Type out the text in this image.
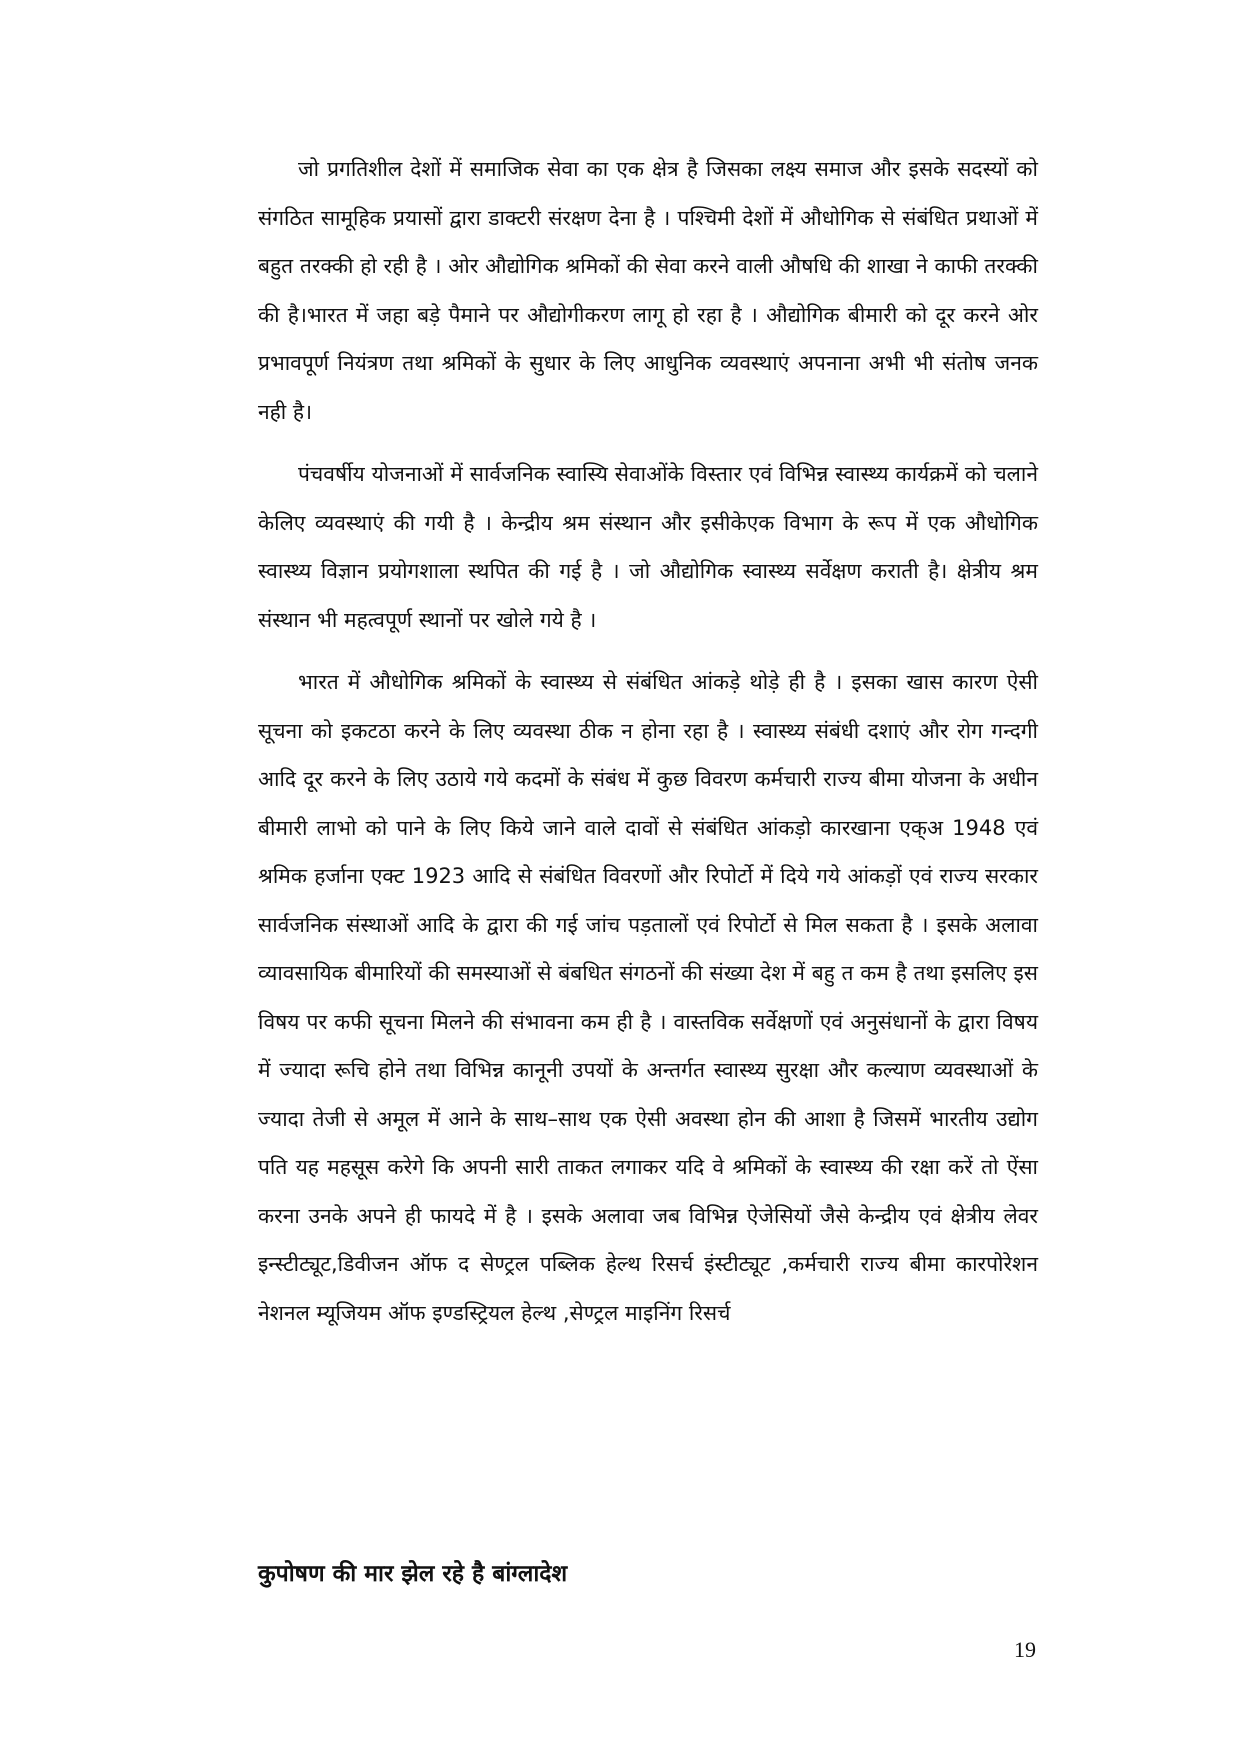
जो प्रगतिशील देशों में समाजिक सेवा का एक क्षेत्र है जिसका लक्ष्य समाज और इसके सदस्यों को संगठित सामूहिक प्रयासों द्वारा डाक्टरी संरक्षण देना है । पश्चिमी देशों में औधोगिक से संबंधित प्रथाओं में बहुत तरक्की हो रही है । ओर औद्योगिक श्रमिकों की सेवा करने वाली औषधि की शाखा ने काफी तरक्की की है।भारत में जहा बड़े पैमाने पर औद्योगीकरण लागू हो रहा है । औद्योगिक बीमारी को दूर करने ओर प्रभावपूर्ण नियंत्रण तथा श्रमिकों के सुधार के लिए आधुनिक व्यवस्थाएं अपनाना अभी भी संतोष जनक नही है।

पंचवर्षीय योजनाओं में सार्वजनिक स्वास्यि सेवाओंके विस्तार एवं विभिन्न स्वास्थ्य कार्यक्रमें को चलाने केलिए व्यवस्थाएं की गयी है । केन्द्रीय श्रम संस्थान और इसीकेएक विभाग के रूप में एक औधोगिक स्वास्थ्य विज्ञान प्रयोगशाला स्थपित की गई है । जो औद्योगिक स्वास्थ्य सर्वेक्षण कराती है। क्षेत्रीय श्रम संस्थान भी महत्वपूर्ण स्थानों पर खोले गये है ।

भारत में औधोगिक श्रमिकों के स्वास्थ्य से संबंधित आंकड़े थोड़े ही है । इसका खास कारण ऐसी सूचना को इकटठा करने के लिए व्यवस्था ठीक न होना रहा है । स्वास्थ्य संबंधी दशाएं और रोग गन्दगी आदि दूर करने के लिए उठाये गये कदमों के संबंध में कुछ विवरण कर्मचारी राज्य बीमा योजना के अधीन बीमारी लाभो को पाने के लिए किये जाने वाले दावों से संबंधित आंकड़ो कारखाना एक्अ 1948 एवं श्रमिक हर्जाना एक्ट 1923 आदि से संबंधित विवरणों और रिपोर्टो में दिये गये आंकड़ों एवं राज्य सरकार सार्वजनिक संस्थाओं आदि के द्वारा की गई जांच पड़तालों एवं रिपोर्टो से मिल सकता है । इसके अलावा व्यावसायिक बीमारियों की समस्याओं से बंबधित संगठनों की संख्या देश में बहु त कम है तथा इसलिए इस विषय पर कफी सूचना मिलने की संभावना कम ही है । वास्तविक सर्वेक्षणों एवं अनुसंधानों के द्वारा विषय में ज्यादा रूचि होने तथा विभिन्न कानूनी उपयों के अन्तर्गत स्वास्थ्य सुरक्षा और कल्याण व्यवस्थाओं के ज्यादा तेजी से अमूल में आने के साथ–साथ एक ऐसी अवस्था होन की आशा है जिसमें भारतीय उद्योग पति यह महसूस करेगे कि अपनी सारी ताकत लगाकर यदि वे श्रमिकों के स्वास्थ्य की रक्षा करें तो ऐंसा करना उनके अपने ही फायदे में है । इसके अलावा जब विभिन्न ऐजेसियों जैसे केन्द्रीय एवं क्षेत्रीय लेवर इन्स्टीट्यूट,डिवीजन ऑफ द सेण्ट्रल पब्लिक हेल्थ रिसर्च इंस्टीट्यूट ,कर्मचारी राज्य बीमा कारपोरेशन नेशनल म्यूजियम ऑफ इण्डस्ट्रियल हेल्थ ,सेण्ट्रल माइनिंग रिसर्च

कुपोषण की मार झेल रहे है बांग्लादेश
19
